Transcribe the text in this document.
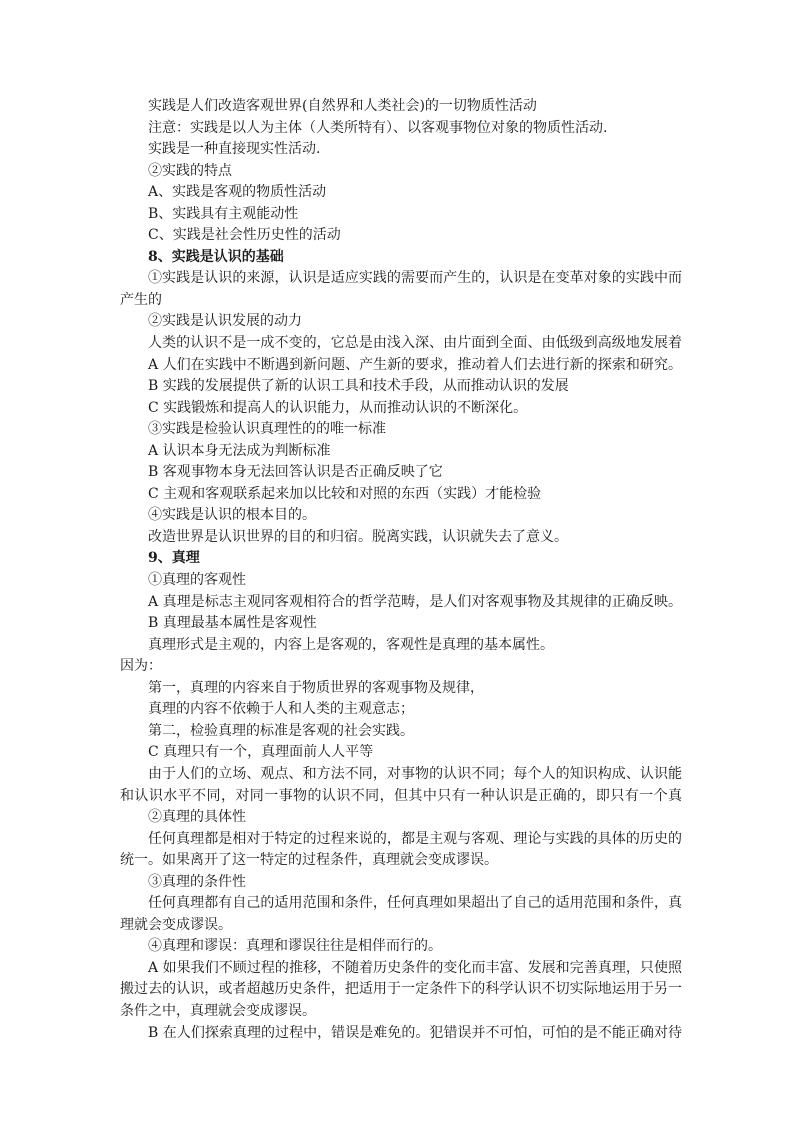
实践是人们改造客观世界(自然界和人类社会)的一切物质性活动
注意：实践是以人为主体（人类所特有）、以客观事物位对象的物质性活动.
实践是一种直接现实性活动.
②实践的特点
A、实践是客观的物质性活动
B、实践具有主观能动性
C、实践是社会性历史性的活动
8、实践是认识的基础
①实践是认识的来源，认识是适应实践的需要而产生的，认识是在变革对象的实践中而
产生的
②实践是认识发展的动力
人类的认识不是一成不变的，它总是由浅入深、由片面到全面、由低级到高级地发展着
A 人们在实践中不断遇到新问题、产生新的要求，推动着人们去进行新的探索和研究。
B 实践的发展提供了新的认识工具和技术手段，从而推动认识的发展
C 实践锻炼和提高人的认识能力，从而推动认识的不断深化。
③实践是检验认识真理性的的唯一标准
A 认识本身无法成为判断标准
B 客观事物本身无法回答认识是否正确反映了它
C 主观和客观联系起来加以比较和对照的东西（实践）才能检验
④实践是认识的根本目的。
改造世界是认识世界的目的和归宿。脱离实践，认识就失去了意义。
9、真理
①真理的客观性
A 真理是标志主观同客观相符合的哲学范畴，是人们对客观事物及其规律的正确反映。
B 真理最基本属性是客观性
真理形式是主观的，内容上是客观的，客观性是真理的基本属性。
因为：
第一，真理的内容来自于物质世界的客观事物及规律，
真理的内容不依赖于人和人类的主观意志；
第二，检验真理的标准是客观的社会实践。
C 真理只有一个，真理面前人人平等
由于人们的立场、观点、和方法不同，对事物的认识不同；每个人的知识构成、认识能
和认识水平不同，对同一事物的认识不同，但其中只有一种认识是正确的，即只有一个真
②真理的具体性
任何真理都是相对于特定的过程来说的，都是主观与客观、理论与实践的具体的历史的
统一。如果离开了这一特定的过程条件，真理就会变成谬误。
③真理的条件性
任何真理都有自己的适用范围和条件，任何真理如果超出了自己的适用范围和条件，真
理就会变成谬误。
④真理和谬误：真理和谬误往往是相伴而行的。
A 如果我们不顾过程的推移，不随着历史条件的变化而丰富、发展和完善真理，只使照
搬过去的认识，或者超越历史条件，把适用于一定条件下的科学认识不切实际地运用于另一
条件之中，真理就会变成谬误。
B 在人们探索真理的过程中，错误是难免的。犯错误并不可怕，可怕的是不能正确对待
